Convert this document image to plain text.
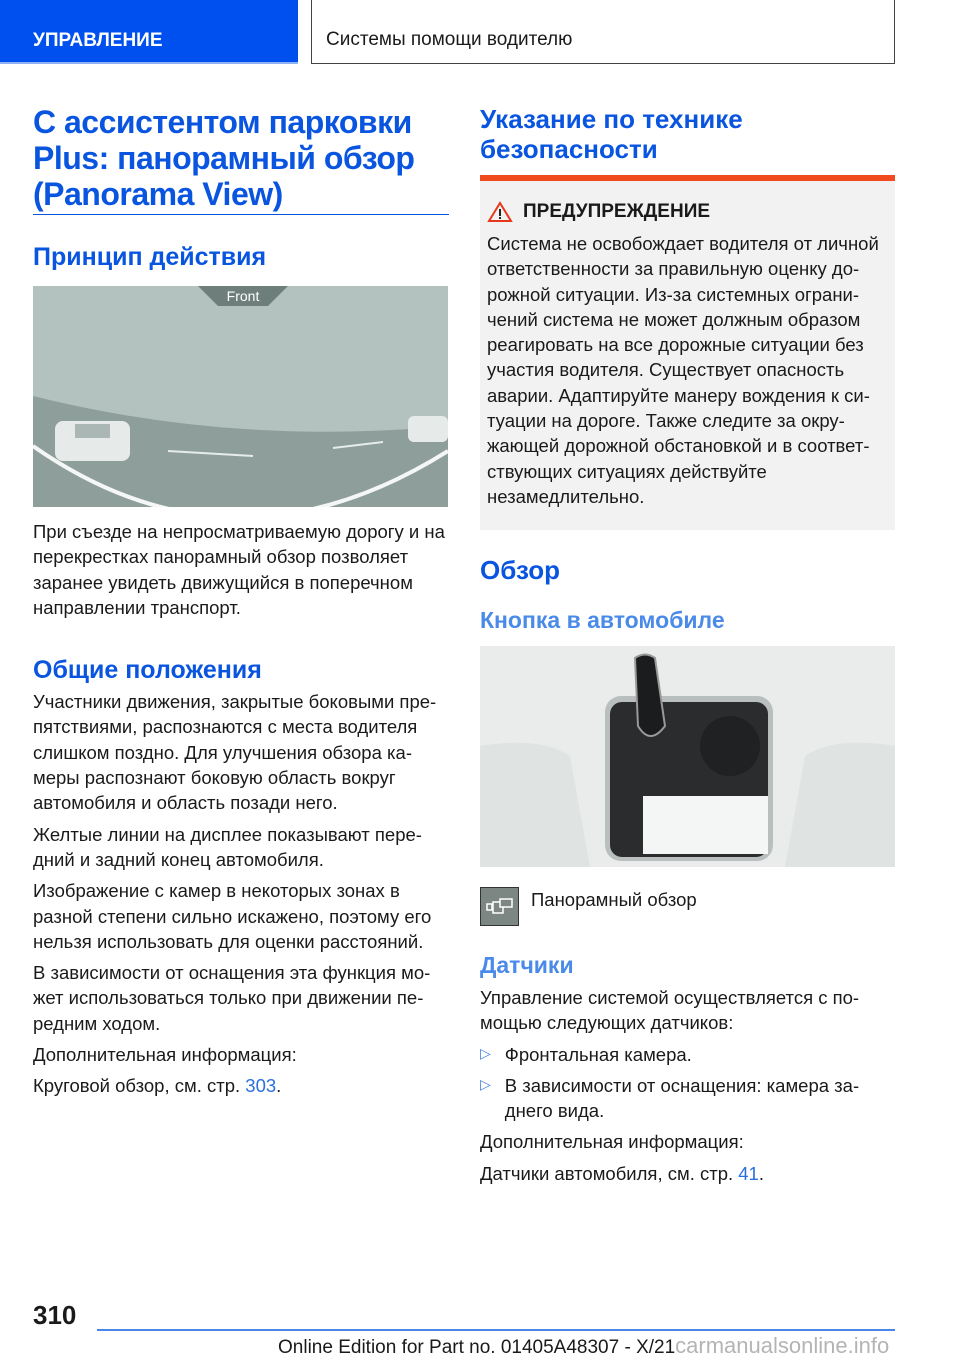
УПРАВЛЕНИЕ	Системы помощи водителю
С ассистентом парковки Plus: панорамный обзор (Panorama View)
Принцип действия
Front

При съезде на непросматриваемую дорогу и на перекрестках панорамный обзор позволяет заранее увидеть движущийся в поперечном направлении транспорт.

Общие положения

Участники движения, закрытые боковыми пре-пятствиями, распознаются с места водителя слишком поздно. Для улучшения обзора ка-меры распознают боковую область вокруг автомобиля и область позади него.

Желтые линии на дисплее показывают пере-дний и задний конец автомобиля.

Изображение с камер в некоторых зонах в разной степени сильно искажено, поэтому его нельзя использовать для оценки расстояний.

В зависимости от оснащения эта функция мо-жет использоваться только при движении пе-редним ходом.

Дополнительная информация:

Круговой обзор, см. стр. 303.

Указание по технике безопасности
ПРЕДУПРЕЖДЕНИЕ

Система не освобождает водителя от личной ответственности за правильную оценку до-рожной ситуации. Из-за системных ограни-чений система не может должным образом реагировать на все дорожные ситуации без участия водителя. Существует опасность аварии. Адаптируйте манеру вождения к си-туации на дороге. Также следите за окру-жающей дорожной обстановкой и в соответ-ствующих ситуациях действуйте незамедлительно.

Обзор
Кнопка в автомобиле

Панорамный обзор

Датчики

Управление системой осуществляется с по-мощью следующих датчиков:

▷ Фронтальная камера.

▷ В зависимости от оснащения: камера за-днего вида.

Дополнительная информация:

Датчики автомобиля, см. стр. 41.

310
Online Edition for Part no. 01405A48307 - X/21carmanualsonline.info
